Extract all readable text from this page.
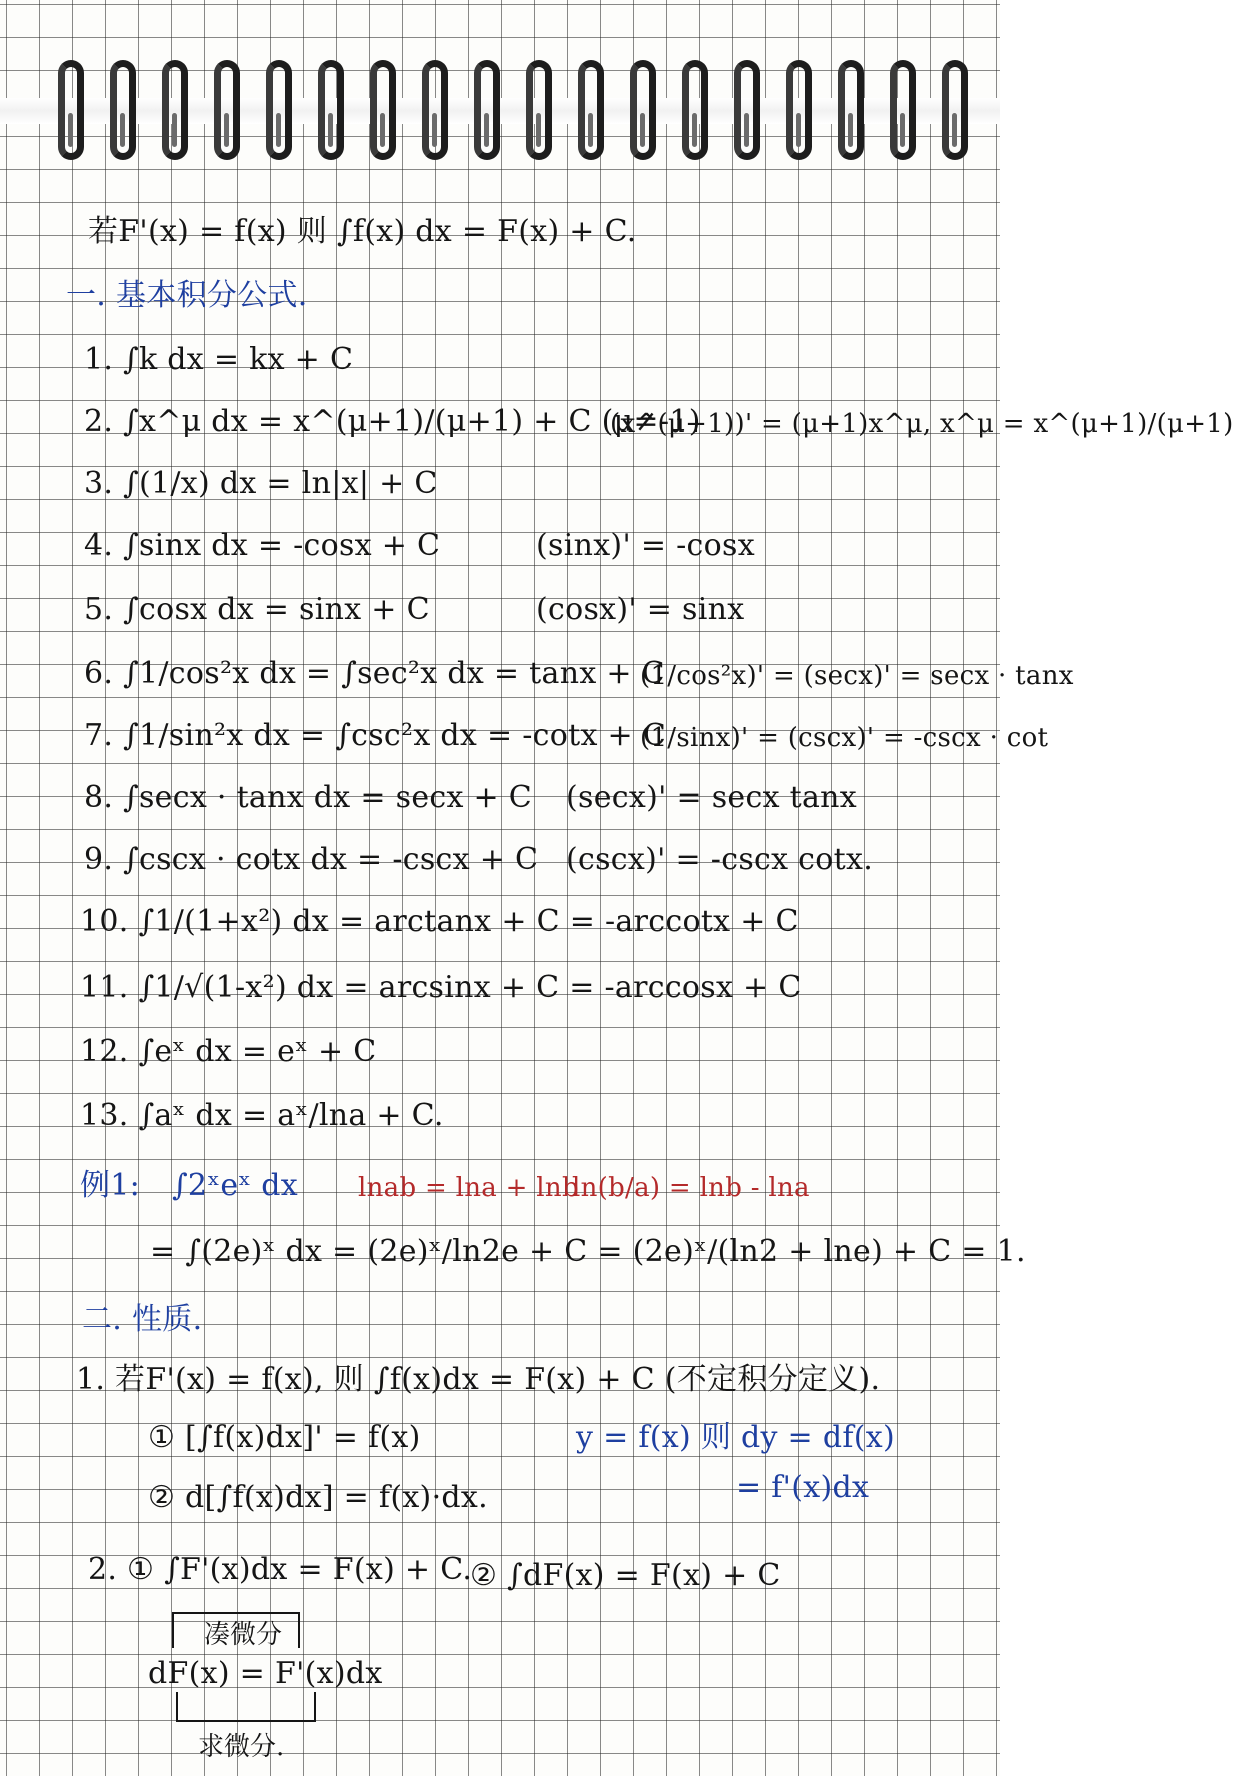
若F'(x) = f(x) 则 ∫f(x) dx = F(x) + C.
一. 基本积分公式.
1. ∫k dx = kx + C
2. ∫x^μ dx = x^(μ+1)/(μ+1) + C (μ≠-1)
(x^(μ+1))' = (μ+1)x^μ, x^μ = x^(μ+1)/(μ+1)
3. ∫(1/x) dx = ln|x| + C
4. ∫sinx dx = -cosx + C	(sinx)' = -cosx
5. ∫cosx dx = sinx + C	(cosx)' = sinx
6. ∫1/cos²x dx = ∫sec²x dx = tanx + C
(1/cos²x)' = (secx)' = secx · tanx
7. ∫1/sin²x dx = ∫csc²x dx = -cotx + C
(1/sinx)' = (cscx)' = -cscx · cot
8. ∫secx · tanx dx = secx + C (secx)' = secx tanx
9. ∫cscx · cotx dx = -cscx + C (cscx)' = -cscx cotx.
10. ∫1/(1+x²) dx = arctanx + C = -arccotx + C
11. ∫1/√(1-x²) dx = arcsinx + C = -arccosx + C
12. ∫eˣ dx = eˣ + C
13. ∫aˣ dx = aˣ/lna + C.
例1: ∫2ˣeˣ dx lnab = lna + lnb
ln(b/a) = lnb - lna
= ∫(2e)ˣ dx = (2e)ˣ/ln2e + C = (2e)ˣ/(ln2 + lne) + C = 1.
二. 性质.
1. 若F'(x) = f(x), 则 ∫f(x)dx = F(x) + C (不定积分定义).
① [∫f(x)dx]' = f(x)	y = f(x) 则 dy = df(x)
② d[∫f(x)dx] = f(x)·dx.	= f'(x)dx
2. ① ∫F'(x)dx = F(x) + C.
② ∫dF(x) = F(x) + C
凑微分
dF(x) = F'(x)dx
求微分.
